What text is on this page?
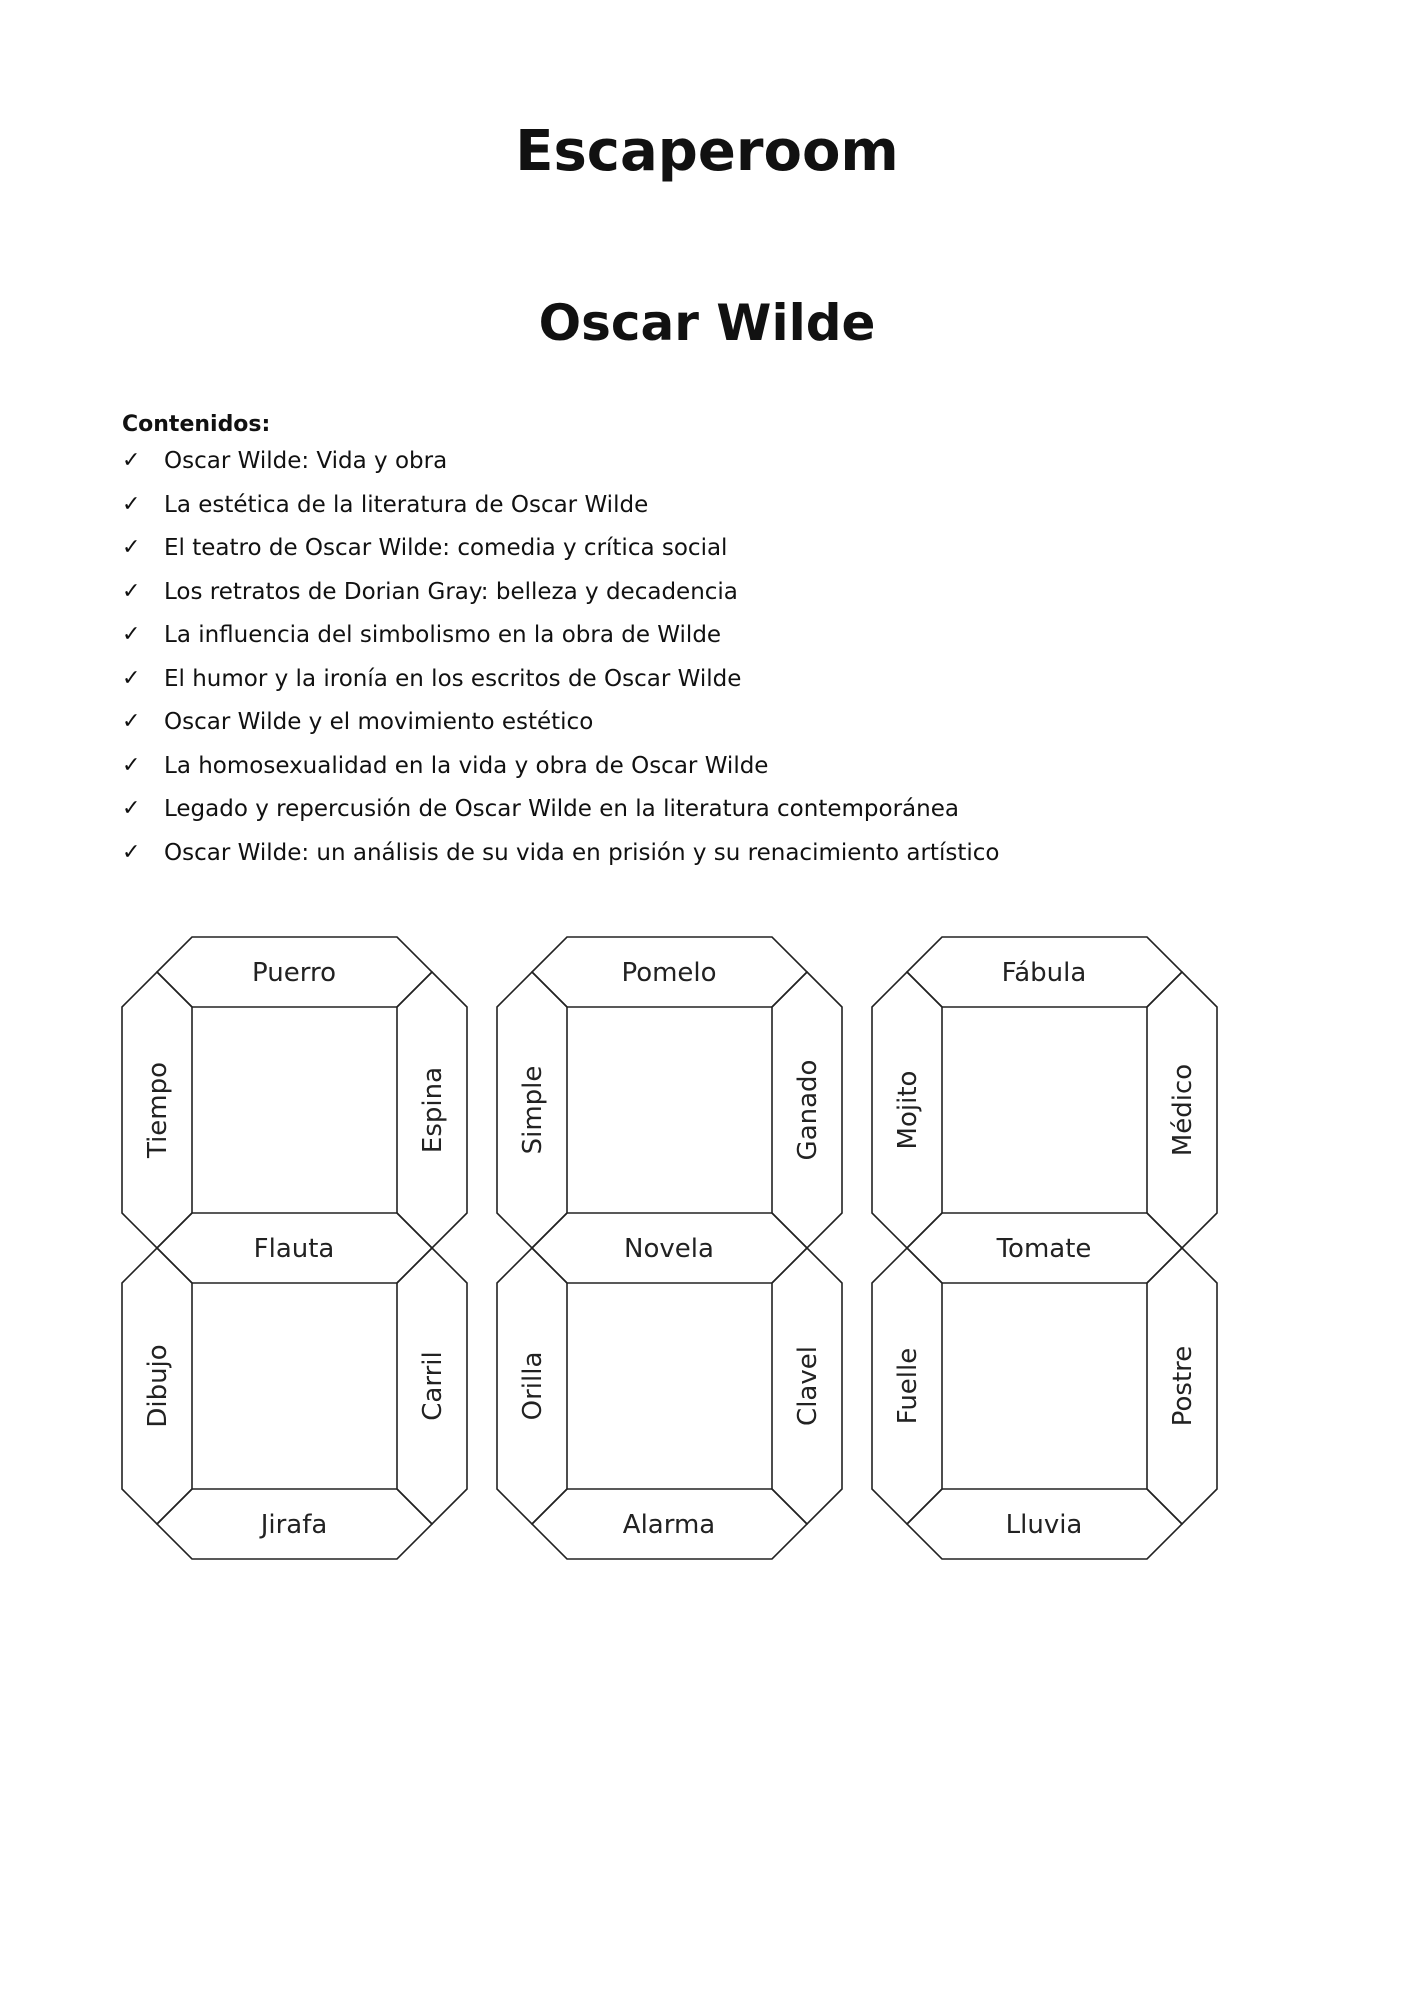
Escaperoom
Oscar Wilde
Contenidos:
✓ Oscar Wilde: Vida y obra
✓ La estética de la literatura de Oscar Wilde
✓ El teatro de Oscar Wilde: comedia y crítica social
✓ Los retratos de Dorian Gray: belleza y decadencia
✓ La influencia del simbolismo en la obra de Wilde
✓ El humor y la ironía en los escritos de Oscar Wilde
✓ Oscar Wilde y el movimiento estético
✓ La homosexualidad en la vida y obra de Oscar Wilde
✓ Legado y repercusión de Oscar Wilde en la literatura contemporánea
✓ Oscar Wilde: un análisis de su vida en prisión y su renacimiento artístico
Puerro
Tiempo	Espina
Flauta
Dibujo	Carril
Jirafa
Pomelo
Simple	Ganado
Novela
Orilla	Clavel
Alarma
Fábula
Mojito	Médico
Tomate
Fuelle	Postre
Lluvia
